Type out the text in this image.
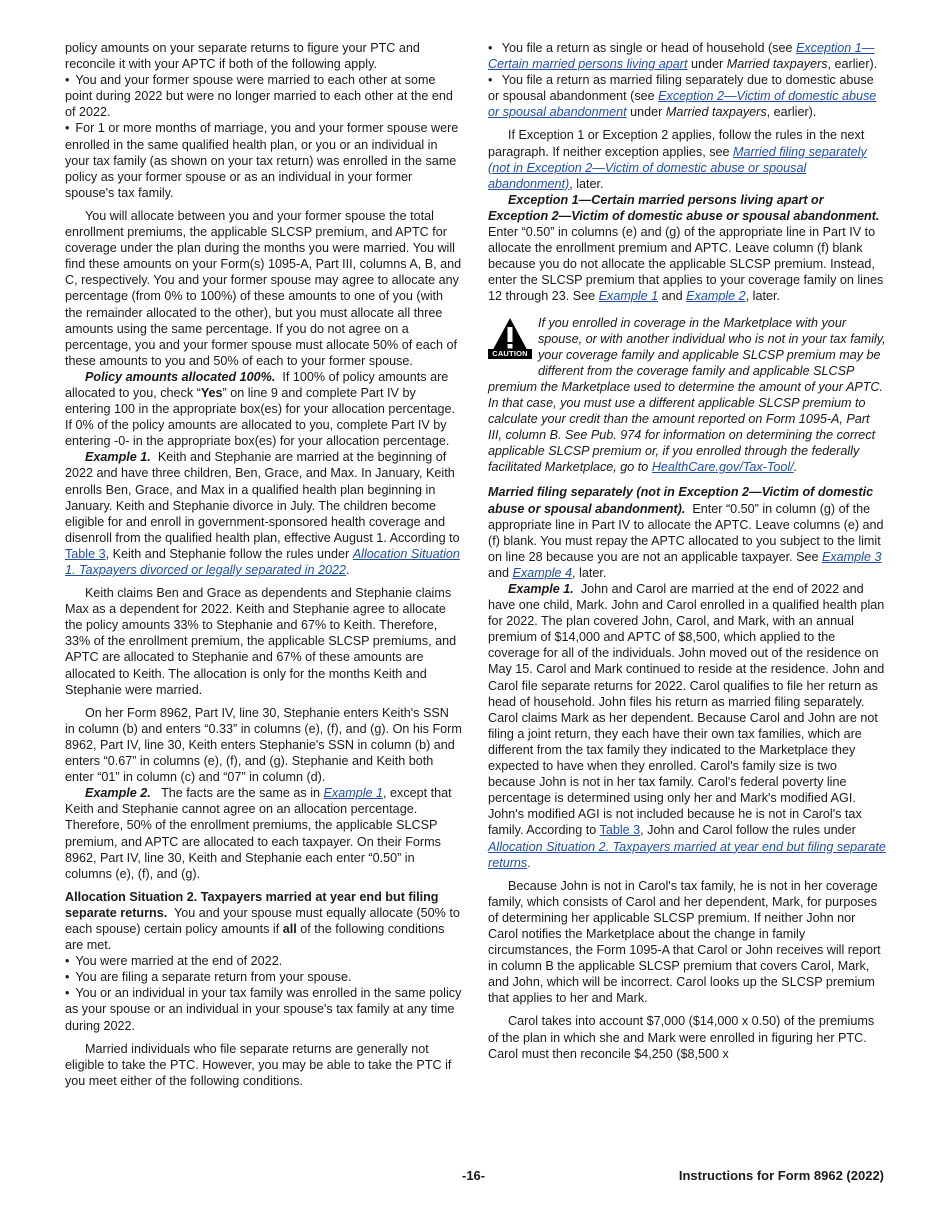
policy amounts on your separate returns to figure your PTC and reconcile it with your APTC if both of the following apply.

• You and your former spouse were married to each other at some point during 2022 but were no longer married to each other at the end of 2022.

• For 1 or more months of marriage, you and your former spouse were enrolled in the same qualified health plan, or you or an individual in your tax family (as shown on your tax return) was enrolled in the same policy as your former spouse or as an individual in your former spouse's tax family.

You will allocate between you and your former spouse the total enrollment premiums, the applicable SLCSP premium, and APTC for coverage under the plan during the months you were married. You will find these amounts on your Form(s) 1095-A, Part III, columns A, B, and C, respectively. You and your former spouse may agree to allocate any percentage (from 0% to 100%) of these amounts to one of you (with the remainder allocated to the other), but you must allocate all three amounts using the same percentage. If you do not agree on a percentage, you and your former spouse must allocate 50% of each of these amounts to you and 50% of each to your former spouse.

Policy amounts allocated 100%. If 100% of policy amounts are allocated to you, check “Yes” on line 9 and complete Part IV by entering 100 in the appropriate box(es) for your allocation percentage. If 0% of the policy amounts are allocated to you, complete Part IV by entering -0- in the appropriate box(es) for your allocation percentage.

Example 1. Keith and Stephanie are married at the beginning of 2022 and have three children, Ben, Grace, and Max. In January, Keith enrolls Ben, Grace, and Max in a qualified health plan beginning in January. Keith and Stephanie divorce in July. The children become eligible for and enroll in government-sponsored health coverage and disenroll from the qualified health plan, effective August 1. According to Table 3, Keith and Stephanie follow the rules under Allocation Situation 1. Taxpayers divorced or legally separated in 2022.

Keith claims Ben and Grace as dependents and Stephanie claims Max as a dependent for 2022. Keith and Stephanie agree to allocate the policy amounts 33% to Stephanie and 67% to Keith. Therefore, 33% of the enrollment premium, the applicable SLCSP premiums, and APTC are allocated to Stephanie and 67% of these amounts are allocated to Keith. The allocation is only for the months Keith and Stephanie were married.

On her Form 8962, Part IV, line 30, Stephanie enters Keith's SSN in column (b) and enters “0.33” in columns (e), (f), and (g). On his Form 8962, Part IV, line 30, Keith enters Stephanie's SSN in column (b) and enters “0.67” in columns (e), (f), and (g). Stephanie and Keith both enter “01” in column (c) and “07” in column (d).

Example 2. The facts are the same as in Example 1, except that Keith and Stephanie cannot agree on an allocation percentage. Therefore, 50% of the enrollment premiums, the applicable SLCSP premium, and APTC are allocated to each taxpayer. On their Forms 8962, Part IV, line 30, Keith and Stephanie each enter “0.50” in columns (e), (f), and (g).

Allocation Situation 2. Taxpayers married at year end but filing separate returns. You and your spouse must equally allocate (50% to each spouse) certain policy amounts if all of the following conditions are met.

• You were married at the end of 2022.

• You are filing a separate return from your spouse.

• You or an individual in your tax family was enrolled in the same policy as your spouse or an individual in your spouse's tax family at any time during 2022.

Married individuals who file separate returns are generally not eligible to take the PTC. However, you may be able to take the PTC if you meet either of the following conditions.

• You file a return as single or head of household (see Exception 1—Certain married persons living apart under Married taxpayers, earlier).

• You file a return as married filing separately due to domestic abuse or spousal abandonment (see Exception 2—Victim of domestic abuse or spousal abandonment under Married taxpayers, earlier).

If Exception 1 or Exception 2 applies, follow the rules in the next paragraph. If neither exception applies, see Married filing separately (not in Exception 2—Victim of domestic abuse or spousal abandonment), later.

Exception 1—Certain married persons living apart or Exception 2—Victim of domestic abuse or spousal abandonment.  Enter “0.50” in columns (e) and (g) of the appropriate line in Part IV to allocate the enrollment premium and APTC. Leave column (f) blank because you do not allocate the applicable SLCSP premium. Instead, enter the SLCSP premium that applies to your coverage family on lines 12 through 23. See Example 1 and Example 2, later.

CAUTION
If you enrolled in coverage in the Marketplace with your spouse, or with another individual who is not in your tax family, your coverage family and applicable SLCSP premium may be different from the coverage family and applicable SLCSP premium the Marketplace used to determine the amount of your APTC. In that case, you must use a different applicable SLCSP premium to calculate your credit than the amount reported on Form 1095-A, Part III, column B. See Pub. 974 for information on determining the correct applicable SLCSP premium or, if you enrolled through the federally facilitated Marketplace, go to HealthCare.gov/Tax-Tool/.

Married filing separately (not in Exception 2—Victim of domestic abuse or spousal abandonment). Enter “0.50” in column (g) of the appropriate line in Part IV to allocate the APTC. Leave columns (e) and (f) blank. You must repay the APTC allocated to you subject to the limit on line 28 because you are not an applicable taxpayer. See Example 3 and Example 4, later.

Example 1. John and Carol are married at the end of 2022 and have one child, Mark. John and Carol enrolled in a qualified health plan for 2022. The plan covered John, Carol, and Mark, with an annual premium of $14,000 and APTC of $8,500, which applied to the coverage for all of the individuals. John moved out of the residence on May 15. Carol and Mark continued to reside at the residence. John and Carol file separate returns for 2022. Carol qualifies to file her return as head of household. John files his return as married filing separately. Carol claims Mark as her dependent. Because Carol and John are not filing a joint return, they each have their own tax families, which are different from the tax family they indicated to the Marketplace they expected to have when they enrolled. Carol's family size is two because John is not in her tax family. Carol's federal poverty line percentage is determined using only her and Mark's modified AGI. John's modified AGI is not included because he is not in Carol's tax family. According to Table 3, John and Carol follow the rules under Allocation Situation 2. Taxpayers married at year end but filing separate returns.

Because John is not in Carol's tax family, he is not in her coverage family, which consists of Carol and her dependent, Mark, for purposes of determining her applicable SLCSP premium. If neither John nor Carol notifies the Marketplace about the change in family circumstances, the Form 1095-A that Carol or John receives will report in column B the applicable SLCSP premium that covers Carol, Mark, and John, which will be incorrect. Carol looks up the SLCSP premium that applies to her and Mark.

Carol takes into account $7,000 ($14,000 x 0.50) of the premiums of the plan in which she and Mark were enrolled in figuring her PTC. Carol must then reconcile $4,250 ($8,500 x

-16-	Instructions for Form 8962 (2022)
